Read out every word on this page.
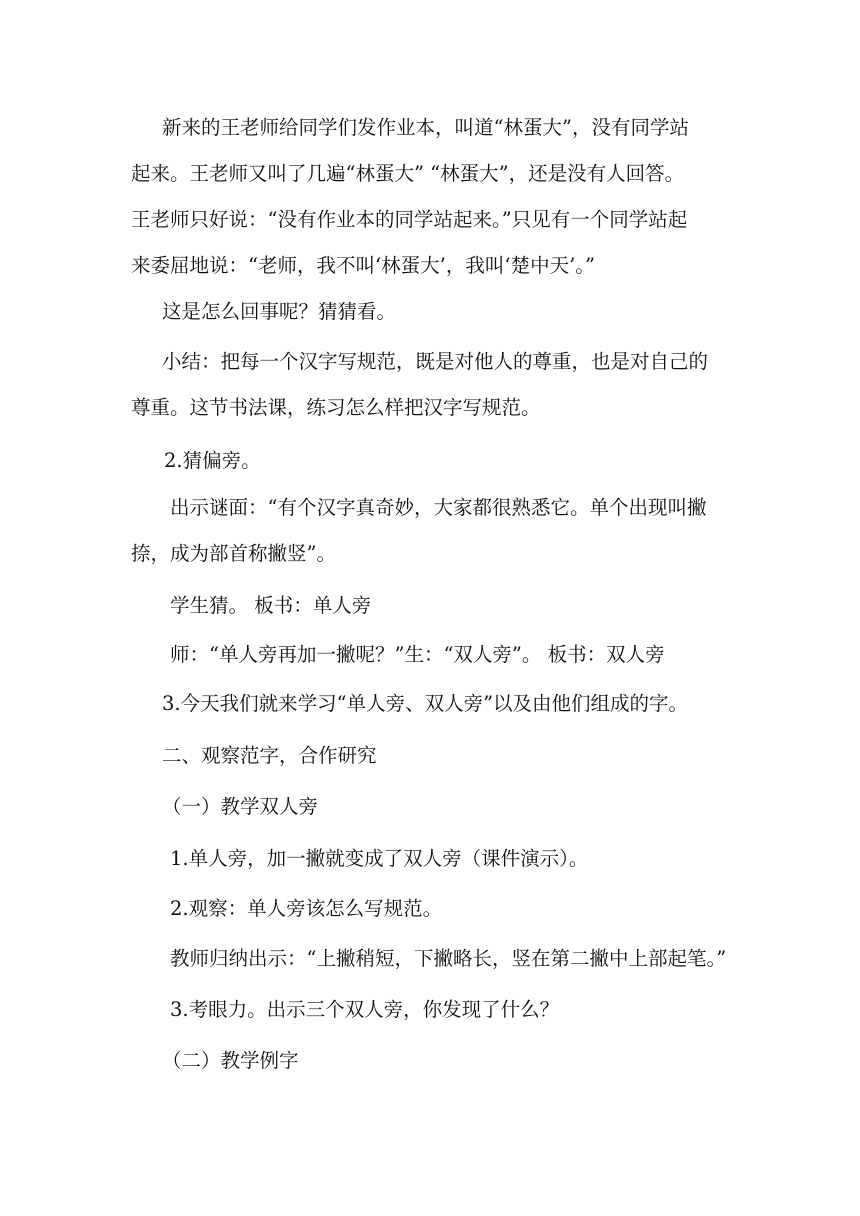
新来的王老师给同学们发作业本，叫道“林蛋大”，没有同学站
起来。王老师又叫了几遍“林蛋大” “林蛋大”，还是没有人回答。
王老师只好说：“没有作业本的同学站起来。”只见有一个同学站起
来委屈地说：“老师，我不叫‘林蛋大’，我叫‘楚中天’。”
这是怎么回事呢？猜猜看。
小结：把每一个汉字写规范，既是对他人的尊重，也是对自己的
尊重。这节书法课，练习怎么样把汉字写规范。
2.猜偏旁。
出示谜面：“有个汉字真奇妙，大家都很熟悉它。单个出现叫撇
捺，成为部首称撇竖”。
学生猜。 板书：单人旁
师：“单人旁再加一撇呢？”生：“双人旁”。 板书：双人旁
3.今天我们就来学习“单人旁、双人旁”以及由他们组成的字。
二、观察范字，合作研究
（一）教学双人旁
1.单人旁，加一撇就变成了双人旁（课件演示）。
2.观察：单人旁该怎么写规范。
教师归纳出示：“上撇稍短，下撇略长，竖在第二撇中上部起笔。”
3.考眼力。出示三个双人旁，你发现了什么？
（二）教学例字
